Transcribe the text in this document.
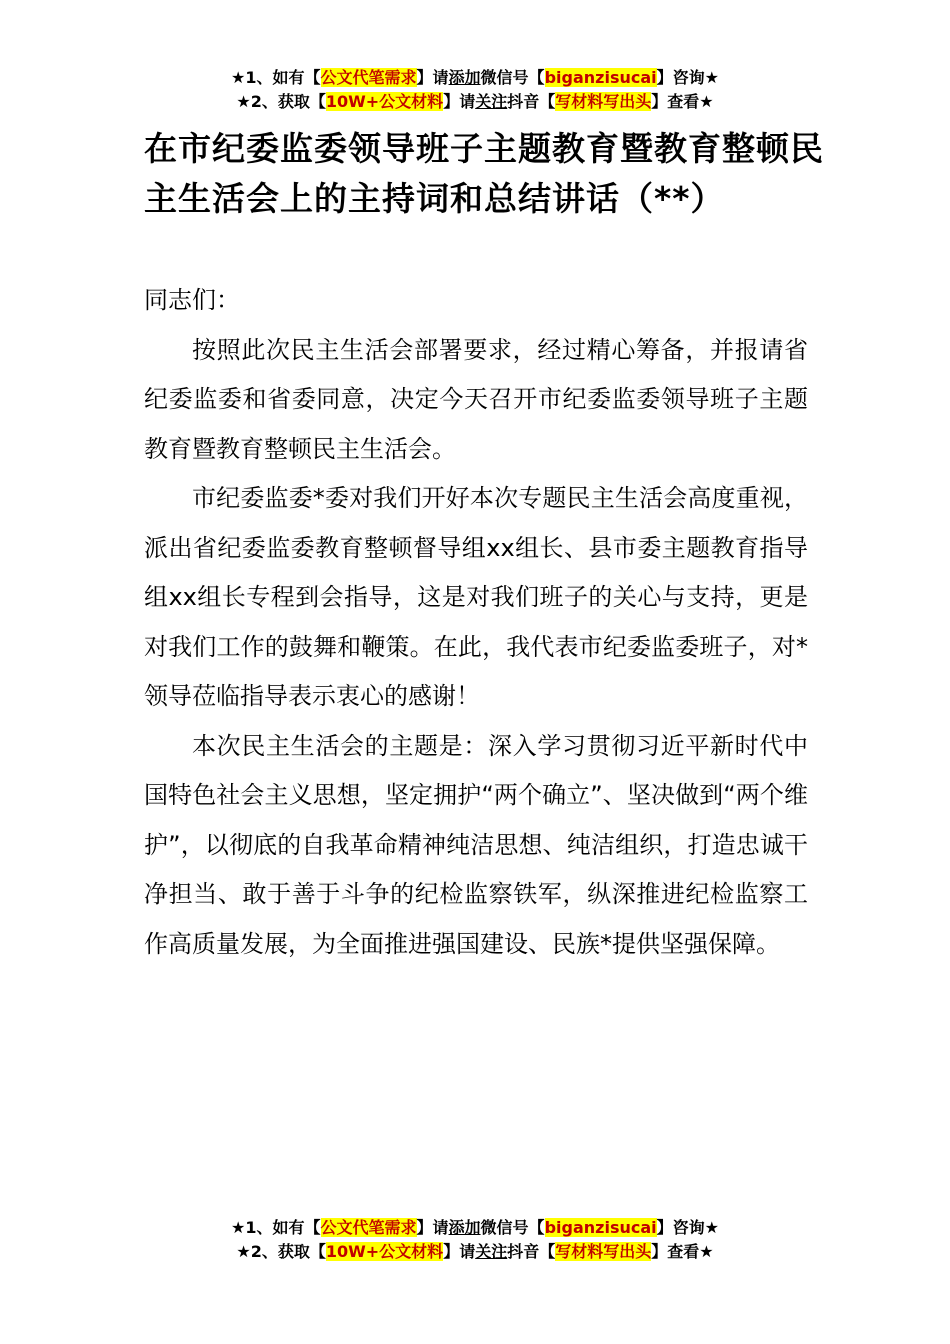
★1、如有【公文代笔需求】请添加微信号【biganzisucai】咨询★
★2、获取【10W+公文材料】请关注抖音【写材料写出头】查看★
在市纪委监委领导班子主题教育暨教育整顿民主生活会上的主持词和总结讲话（**）

同志们：

按照此次民主生活会部署要求，经过精心筹备，并报请省纪委监委和省委同意，决定今天召开市纪委监委领导班子主题教育暨教育整顿民主生活会。

市纪委监委*委对我们开好本次专题民主生活会高度重视，派出省纪委监委教育整顿督导组xx组长、县市委主题教育指导组xx组长专程到会指导，这是对我们班子的关心与支持，更是对我们工作的鼓舞和鞭策。在此，我代表市纪委监委班子，对*领导莅临指导表示衷心的感谢！

本次民主生活会的主题是：深入学习贯彻习近平新时代中国特色社会主义思想，坚定拥护“两个确立”、坚决做到“两个维护”，以彻底的自我革命精神纯洁思想、纯洁组织，打造忠诚干净担当、敢于善于斗争的纪检监察铁军，纵深推进纪检监察工作高质量发展，为全面推进强国建设、民族*提供坚强保障。

★1、如有【公文代笔需求】请添加微信号【biganzisucai】咨询★
★2、获取【10W+公文材料】请关注抖音【写材料写出头】查看★
